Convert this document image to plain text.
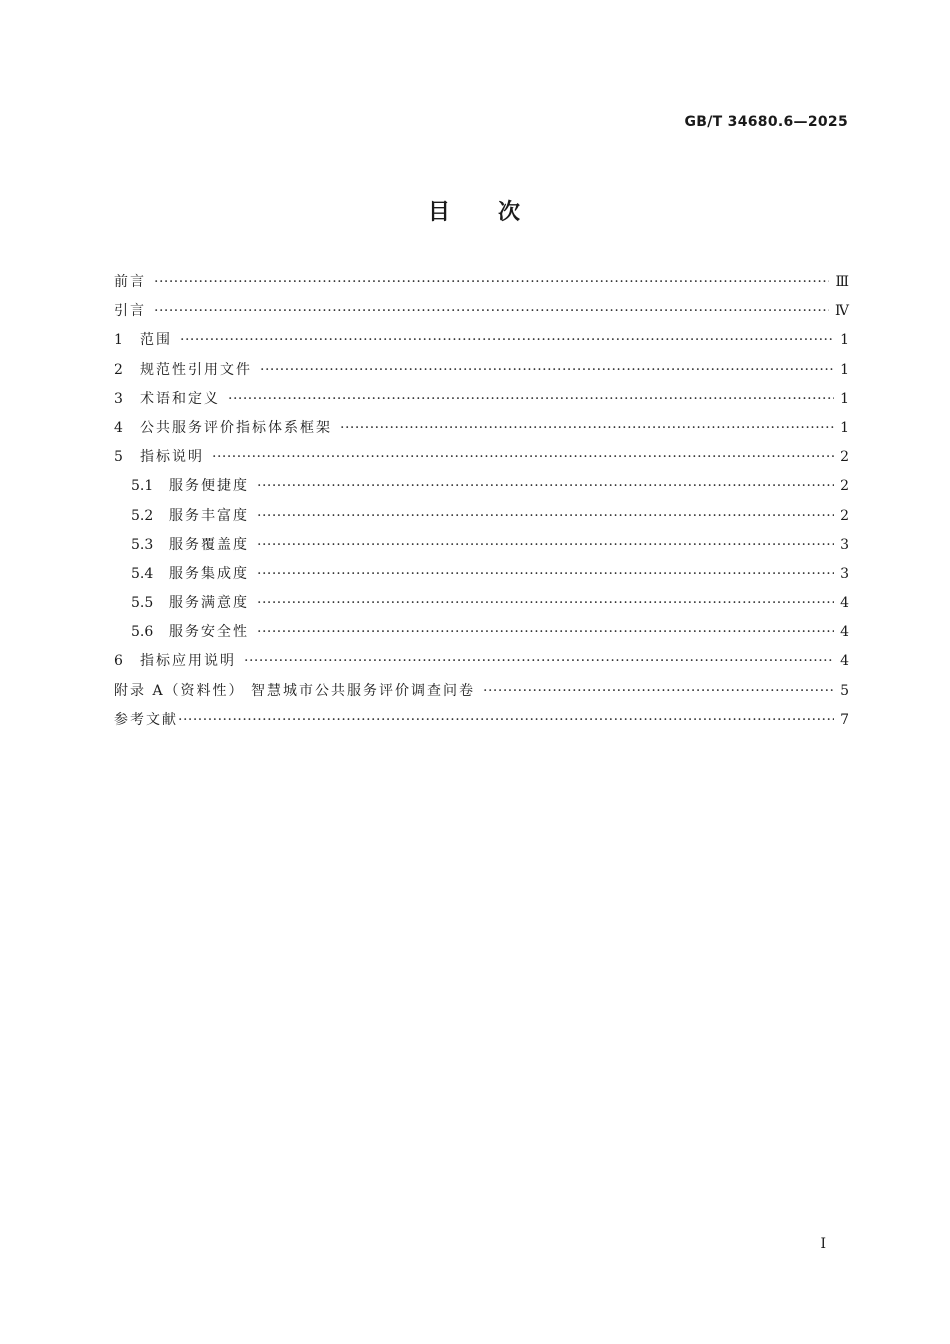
GB/T 34680.6—2025
目 次
前言 ·····	Ⅲ
引言 ·····	Ⅳ
1	范围 ·····	1
2	规范性引用文件 ·····	1
3	术语和定义 ·····	1
4	公共服务评价指标体系框架 ·····	1
5	指标说明 ·····	2
5.1	服务便捷度 ·····	2
5.2	服务丰富度 ·····	2
5.3	服务覆盖度 ·····	3
5.4	服务集成度 ·····	3
5.5	服务满意度 ·····	4
5.6	服务安全性 ·····	4
6	指标应用说明 ·····	4
附录 A（资料性） 智慧城市公共服务评价调查问卷 ·····	5
参考文献 ·····	7
I
